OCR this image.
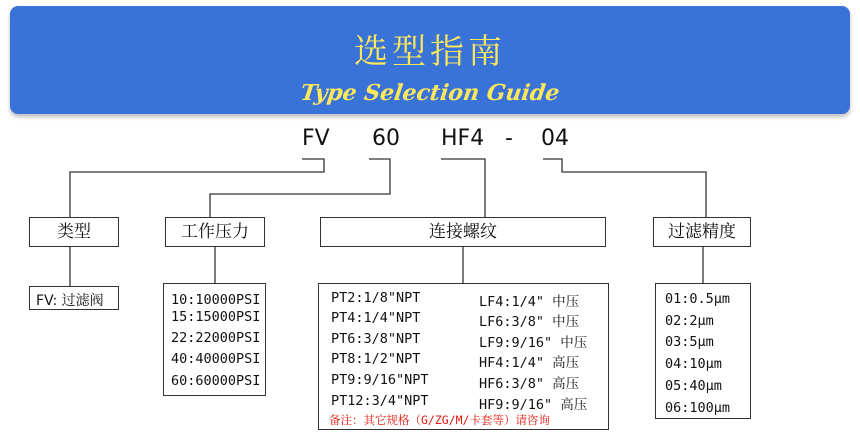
选型指南
Type Selection Guide
FV 60 HF4 - 04
类型	工作压力	连接螺纹	过滤精度
FV: 过滤阀	10:10000PSI
15:15000PSI
22:22000PSI
40:40000PSI
60:60000PSI
PT2:1/8"NPT
PT4:1/4"NPT
PT6:3/8"NPT
PT8:1/2"NPT
PT9:9/16"NPT
PT12:3/4"NPT
LF4:1/4" 中压
LF6:3/8" 中压
LF9:9/16" 中压
HF4:1/4" 高压
HF6:3/8" 高压
HF9:9/16" 高压
备注：其它规格（G/ZG/M/卡套等）请咨询
01:0.5μm
02:2μm
03:5μm
04:10μm
05:40μm
06:100μm
